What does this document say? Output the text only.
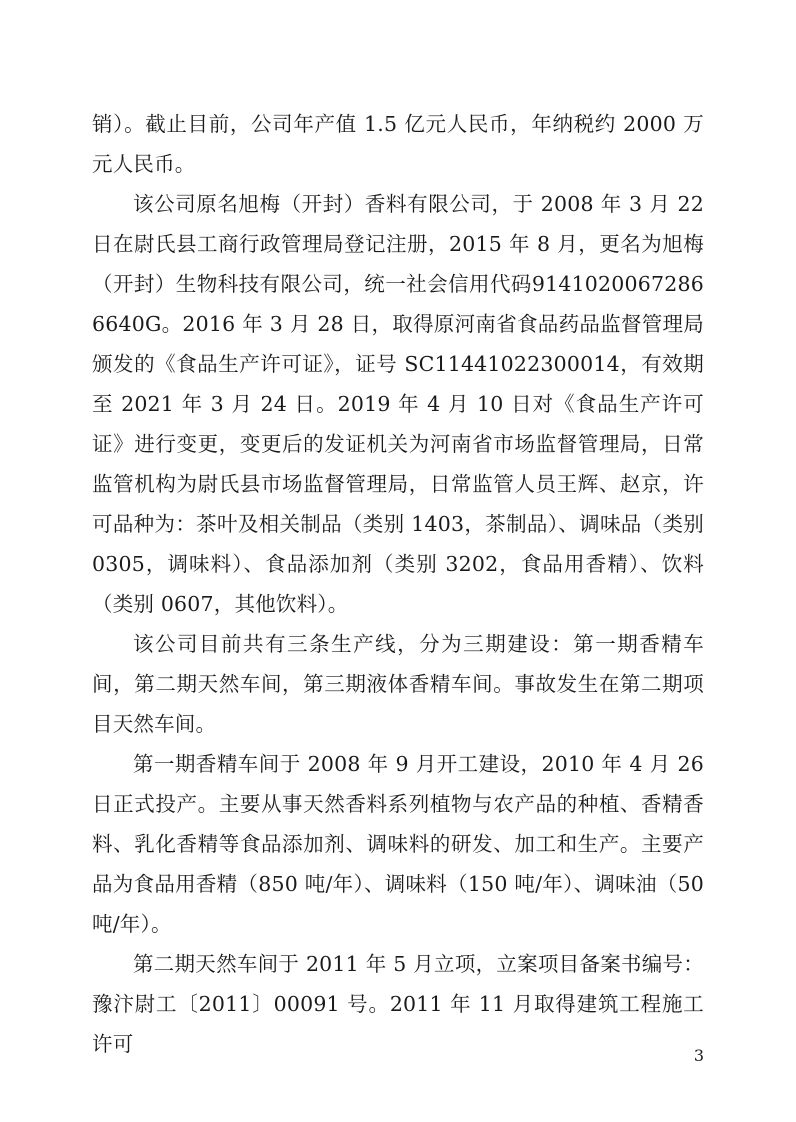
销）。截止目前，公司年产值 1.5 亿元人民币，年纳税约 2000 万元人民币。

该公司原名旭梅（开封）香料有限公司，于 2008 年 3 月 22 日在尉氏县工商行政管理局登记注册，2015 年 8 月，更名为旭梅（开封）生物科技有限公司，统一社会信用代码91410200672866640G。2016 年 3 月 28 日，取得原河南省食品药品监督管理局颁发的《食品生产许可证》，证号 SC11441022300014，有效期至 2021 年 3 月 24 日。2019 年 4 月 10 日对《食品生产许可证》进行变更，变更后的发证机关为河南省市场监督管理局，日常监管机构为尉氏县市场监督管理局，日常监管人员王辉、赵京，许可品种为：茶叶及相关制品（类别 1403，茶制品）、调味品（类别 0305，调味料）、食品添加剂（类别 3202，食品用香精）、饮料（类别 0607，其他饮料）。

该公司目前共有三条生产线，分为三期建设：第一期香精车间，第二期天然车间，第三期液体香精车间。事故发生在第二期项目天然车间。

第一期香精车间于 2008 年 9 月开工建设，2010 年 4 月 26 日正式投产。主要从事天然香料系列植物与农产品的种植、香精香料、乳化香精等食品添加剂、调味料的研发、加工和生产。主要产品为食品用香精（850 吨/年）、调味料（150 吨/年）、调味油（50 吨/年）。

第二期天然车间于 2011 年 5 月立项，立案项目备案书编号：豫汴尉工〔2011〕00091 号。2011 年 11 月取得建筑工程施工许可	3
